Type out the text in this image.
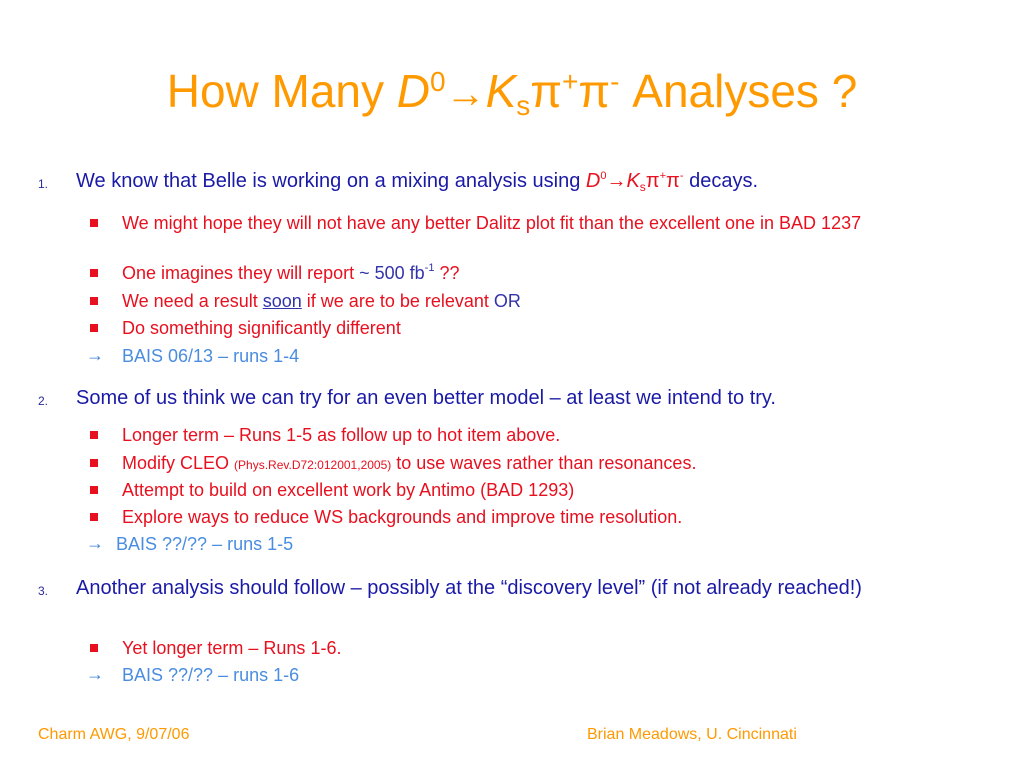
How Many $D^0\to K_s\pi^+\pi^-$ Analyses ?
1. We know that Belle is working on a mixing analysis using $D^0\to K_s\pi^+\pi^-$ decays.
We might hope they will not have any better Dalitz plot fit than the excellent one in BAD 1237
One imagines they will report ~ 500 $fb^{-1}$ ??
We need a result soon if we are to be relevant OR
Do something significantly different
→ BAIS 06/13 – runs 1-4
2. Some of us think we can try for an even better model – at least we intend to try.
Longer term – Runs 1-5 as follow up to hot item above.
Modify CLEO (Phys.Rev.D72:012001,2005) to use waves rather than resonances.
Attempt to build on excellent work by Antimo (BAD 1293)
Explore ways to reduce WS backgrounds and improve time resolution.
→ BAIS ??/?? – runs 1-5
3. Another analysis should follow – possibly at the “discovery level” (if not already reached!)
Yet longer term – Runs 1-6.
→ BAIS ??/?? – runs 1-6
Charm AWG, 9/07/06	Brian Meadows, U. Cincinnati
